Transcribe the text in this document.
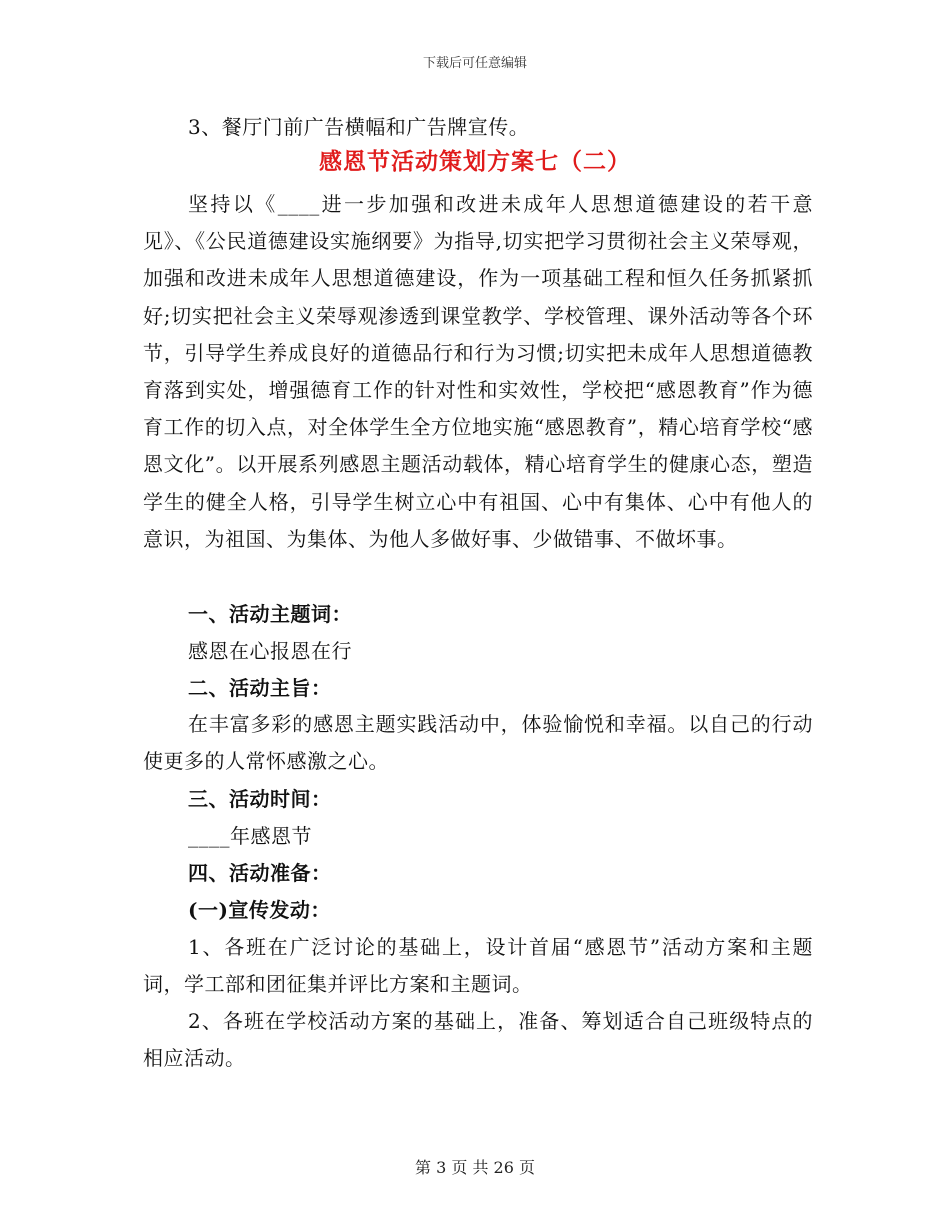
下载后可任意编辑
3、餐厅门前广告横幅和广告牌宣传。
感恩节活动策划方案七（二）
坚持以《____进一步加强和改进未成年人思想道德建设的若干意见》、《公民道德建设实施纲要》为指导,切实把学习贯彻社会主义荣辱观，加强和改进未成年人思想道德建设，作为一项基础工程和恒久任务抓紧抓好;切实把社会主义荣辱观渗透到课堂教学、学校管理、课外活动等各个环节，引导学生养成良好的道德品行和行为习惯;切实把未成年人思想道德教育落到实处，增强德育工作的针对性和实效性，学校把“感恩教育”作为德育工作的切入点，对全体学生全方位地实施“感恩教育”，精心培育学校“感恩文化”。以开展系列感恩主题活动载体，精心培育学生的健康心态，塑造学生的健全人格，引导学生树立心中有祖国、心中有集体、心中有他人的意识，为祖国、为集体、为他人多做好事、少做错事、不做坏事。
一、活动主题词：
感恩在心报恩在行
二、活动主旨：
在丰富多彩的感恩主题实践活动中，体验愉悦和幸福。以自己的行动使更多的人常怀感激之心。
三、活动时间：
____年感恩节
四、活动准备：
(一)宣传发动：
1、各班在广泛讨论的基础上，设计首届“感恩节”活动方案和主题词，学工部和团征集并评比方案和主题词。
2、各班在学校活动方案的基础上，准备、筹划适合自己班级特点的相应活动。
第 3 页 共 26 页
